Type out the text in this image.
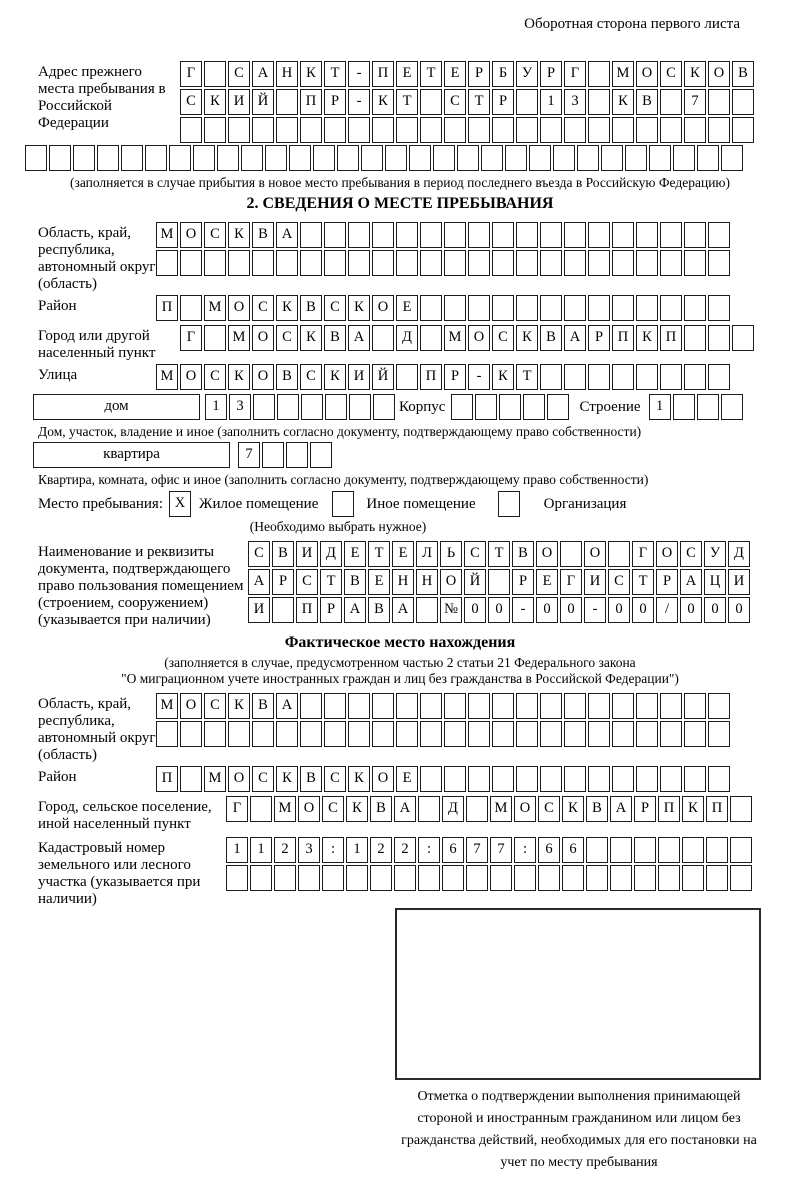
Оборотная сторона первого листа
Адрес прежнего места пребывания в Российской Федерации
Г	С А Н К Т - П Е Т Е Р Б У Р Г	М О С К О В
С К И Й	П Р - К Т	С Т Р	1 3	К В	7
(заполняется в случае прибытия в новое место пребывания в период последнего въезда в Российскую Федерацию)
2. СВЕДЕНИЯ О МЕСТЕ ПРЕБЫВАНИЯ
Область, край, республика, автономный округ (область)
М О С К В А
Район	П	М О С К В С К О Е
Город или другой населенный пункт
Г	М О С К В А	Д	М О С К В А Р П К П
Улица	М О С К О В С К И Й	П Р - К Т
дом	1 3	Корпус	Строение	1
Дом, участок, владение и иное (заполнить согласно документу, подтверждающему право собственности)
квартира	7
Квартира, комната, офис и иное (заполнить согласно документу, подтверждающему право собственности)
Место пребывания: X Жилое помещение	Иное помещение	Организация
(Необходимо выбрать нужное)
Наименование и реквизиты документа, подтверждающего право пользования помещением (строением, сооружением) (указывается при наличии)
С В И Д Е Т Е Л Ь С Т В О	О	Г О С У Д
А Р С Т В Е Н Н О Й	Р Е Г И С Т Р А Ц И
И	П Р А В А № 0 0 - 0 0 - 0 0 / 0 0 0
Фактическое место нахождения
(заполняется в случае, предусмотренном частью 2 статьи 21 Федерального закона
"О миграционном учете иностранных граждан и лиц без гражданства в Российской Федерации")
Область, край, республика, автономный округ (область)
М О С К В А
Район	П	М О С К В С К О Е
Город, сельское поселение, иной населенный пункт
Г	М О С К В А	Д	М О С К В А Р П К П
Кадастровый номер земельного или лесного участка (указывается при наличии)
1 1 2 3 : 1 2 2 : 6 7 7 : 6 6
Отметка о подтверждении выполнения принимающей стороной и иностранным гражданином или лицом без гражданства действий, необходимых для его постановки на учет по месту пребывания
